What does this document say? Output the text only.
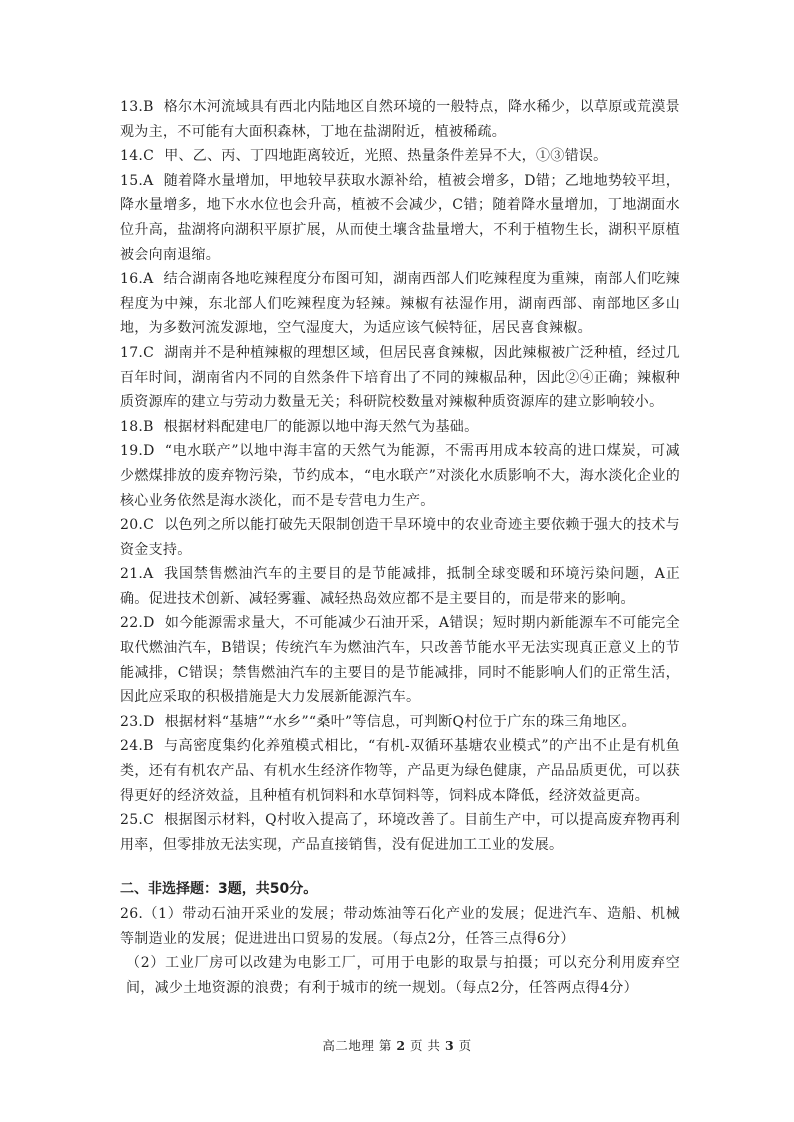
13.B 格尔木河流域具有西北内陆地区自然环境的一般特点，降水稀少，以草原或荒漠景观为主，不可能有大面积森林，丁地在盐湖附近，植被稀疏。

14.C 甲、乙、丙、丁四地距离较近，光照、热量条件差异不大，①③错误。

15.A 随着降水量增加，甲地较早获取水源补给，植被会增多，D错；乙地地势较平坦，降水量增多，地下水水位也会升高，植被不会减少，C错；随着降水量增加，丁地湖面水位升高，盐湖将向湖积平原扩展，从而使土壤含盐量增大，不利于植物生长，湖积平原植被会向南退缩。

16.A 结合湖南各地吃辣程度分布图可知，湖南西部人们吃辣程度为重辣，南部人们吃辣程度为中辣，东北部人们吃辣程度为轻辣。辣椒有祛湿作用，湖南西部、南部地区多山地，为多数河流发源地，空气湿度大，为适应该气候特征，居民喜食辣椒。

17.C 湖南并不是种植辣椒的理想区域，但居民喜食辣椒，因此辣椒被广泛种植，经过几百年时间，湖南省内不同的自然条件下培育出了不同的辣椒品种，因此②④正确；辣椒种质资源库的建立与劳动力数量无关；科研院校数量对辣椒种质资源库的建立影响较小。

18.B 根据材料配建电厂的能源以地中海天然气为基础。

19.D “电水联产”以地中海丰富的天然气为能源，不需再用成本较高的进口煤炭，可减少燃煤排放的废弃物污染，节约成本，“电水联产”对淡化水质影响不大，海水淡化企业的核心业务依然是海水淡化，而不是专营电力生产。

20.C 以色列之所以能打破先天限制创造干旱环境中的农业奇迹主要依赖于强大的技术与资金支持。

21.A 我国禁售燃油汽车的主要目的是节能减排，抵制全球变暖和环境污染问题，A正确。促进技术创新、减轻雾霾、减轻热岛效应都不是主要目的，而是带来的影响。

22.D 如今能源需求量大，不可能减少石油开采，A错误；短时期内新能源车不可能完全取代燃油汽车，B错误；传统汽车为燃油汽车，只改善节能水平无法实现真正意义上的节能减排，C错误；禁售燃油汽车的主要目的是节能减排，同时不能影响人们的正常生活，因此应采取的积极措施是大力发展新能源汽车。

23.D 根据材料“基塘”“水乡”“桑叶”等信息，可判断Q村位于广东的珠三角地区。

24.B 与高密度集约化养殖模式相比，“有机-双循环基塘农业模式”的产出不止是有机鱼类，还有有机农产品、有机水生经济作物等，产品更为绿色健康，产品品质更优，可以获得更好的经济效益，且种植有机饲料和水草饲料等，饲料成本降低，经济效益更高。

25.C 根据图示材料，Q村收入提高了，环境改善了。目前生产中，可以提高废弃物再利用率，但零排放无法实现，产品直接销售，没有促进加工工业的发展。

二、非选择题：3题，共50分。

26.（1）带动石油开采业的发展；带动炼油等石化产业的发展；促进汽车、造船、机械等制造业的发展；促进进出口贸易的发展。（每点2分，任答三点得6分）

（2）工业厂房可以改建为电影工厂，可用于电影的取景与拍摄；可以充分利用废弃空间，减少土地资源的浪费；有利于城市的统一规划。（每点2分，任答两点得4分）

高二地理 第 2 页 共 3 页
